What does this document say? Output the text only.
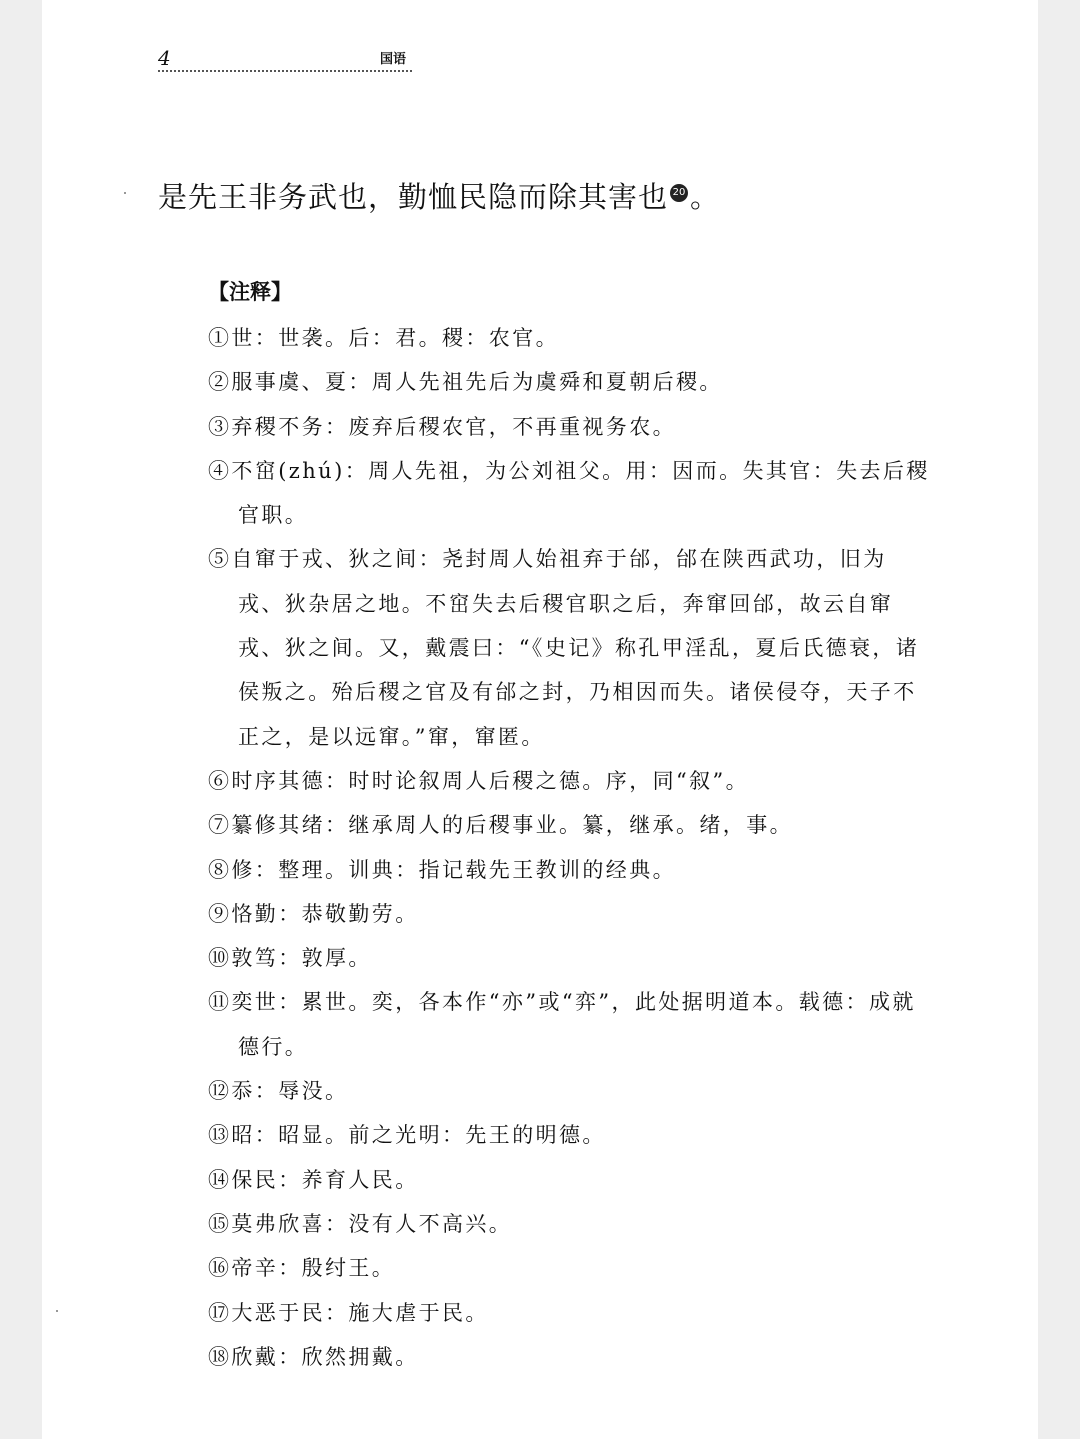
4	国语

是先王非务武也，勤恤民隐而除其害也 20 。

【注释】
①世：世袭。后：君。稷：农官。
②服事虞、夏：周人先祖先后为虞舜和夏朝后稷。
③弃稷不务：废弃后稷农官，不再重视务农。
④不窋(zhú)：周人先祖，为公刘祖父。用：因而。失其官：失去后稷官职。
⑤自窜于戎、狄之间：尧封周人始祖弃于邰，邰在陕西武功，旧为戎、狄杂居之地。不窋失去后稷官职之后，奔窜回邰，故云自窜戎、狄之间。又，戴震曰：“《史记》称孔甲淫乱，夏后氏德衰，诸侯叛之。殆后稷之官及有邰之封，乃相因而失。诸侯侵夺，天子不正之，是以远窜。”窜，窜匿。
⑥时序其德：时时论叙周人后稷之德。序，同“叙”。
⑦纂修其绪：继承周人的后稷事业。纂，继承。绪，事。
⑧修：整理。训典：指记载先王教训的经典。
⑨恪勤：恭敬勤劳。
⑩敦笃：敦厚。
⑪奕世：累世。奕，各本作“亦”或“弈”，此处据明道本。载德：成就德行。
⑫忝：辱没。
⑬昭：昭显。前之光明：先王的明德。
⑭保民：养育人民。
⑮莫弗欣喜：没有人不高兴。
⑯帝辛：殷纣王。
⑰大恶于民：施大虐于民。
⑱欣戴：欣然拥戴。
